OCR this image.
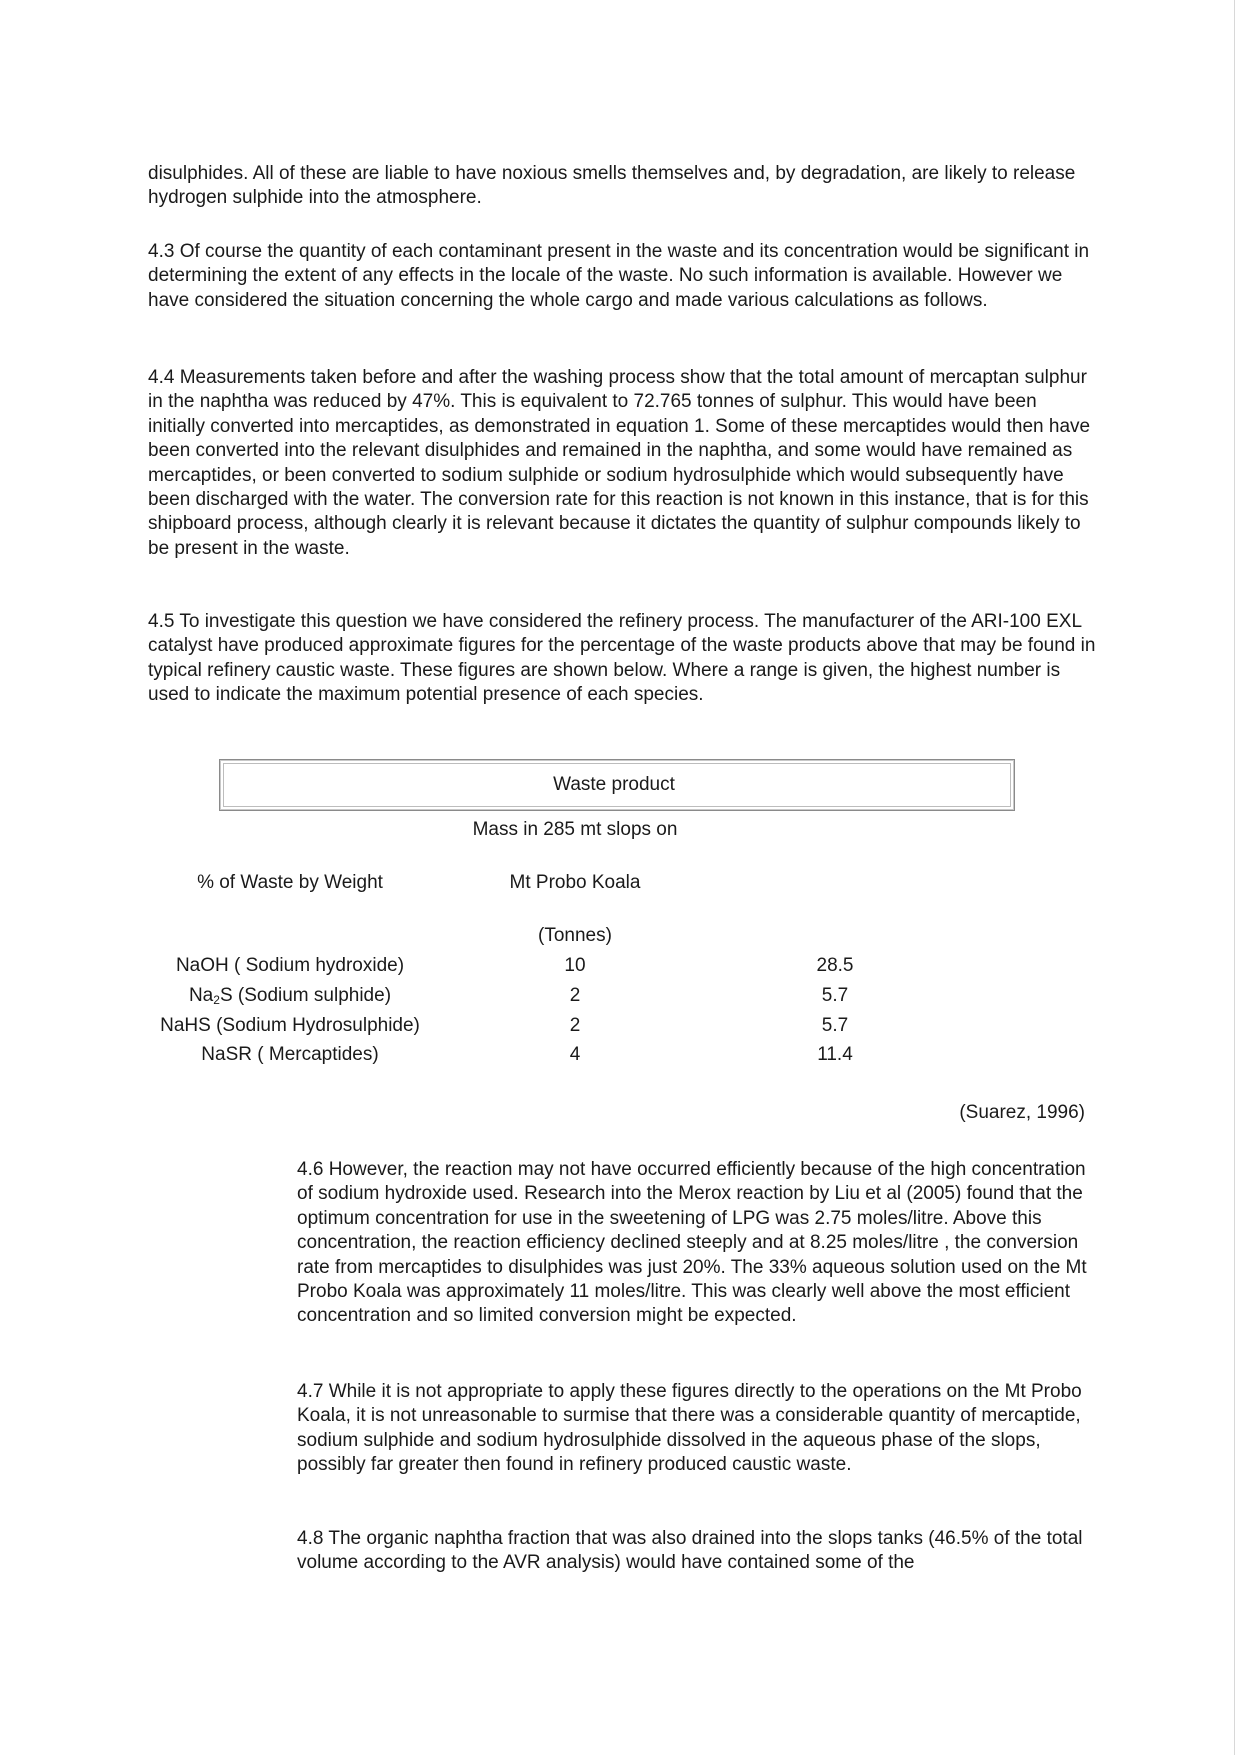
disulphides. All of these are liable to have noxious smells themselves and, by degradation, are likely to release hydrogen sulphide into the atmosphere.

4.3 Of course the quantity of each contaminant present in the waste and its concentration would be significant in determining the extent of any effects in the locale of the waste. No such information is available. However we have considered the situation concerning the whole cargo and made various calculations as follows.

4.4 Measurements taken before and after the washing process show that the total amount of mercaptan sulphur in the naphtha was reduced by 47%. This is equivalent to 72.765 tonnes of sulphur. This would have been initially converted into mercaptides, as demonstrated in equation 1. Some of these mercaptides would then have been converted into the relevant disulphides and remained in the naphtha, and some would have remained as mercaptides, or been converted to sodium sulphide or sodium hydrosulphide which would subsequently have been discharged with the water. The conversion rate for this reaction is not known in this instance, that is for this shipboard process, although clearly it is relevant because it dictates the quantity of sulphur compounds likely to be present in the waste.

4.5 To investigate this question we have considered the refinery process. The manufacturer of the ARI-100 EXL catalyst have produced approximate figures for the percentage of the waste products above that may be found in typical refinery caustic waste. These figures are shown below. Where a range is given, the highest number is used to indicate the maximum potential presence of each species.

Waste product
Mass in 285 mt slops on
% of Waste by Weight	Mt Probo Koala
(Tonnes)
NaOH ( Sodium hydroxide)	10	28.5
$Na_2S$ (Sodium sulphide)	2	5.7
NaHS (Sodium Hydrosulphide)	2	5.7
NaSR ( Mercaptides)	4	11.4
(Suarez, 1996)

4.6 However, the reaction may not have occurred efficiently because of the high concentration of sodium hydroxide used. Research into the Merox reaction by Liu et al (2005) found that the optimum concentration for use in the sweetening of LPG was 2.75 moles/litre. Above this concentration, the reaction efficiency declined steeply and at 8.25 moles/litre , the conversion rate from mercaptides to disulphides was just 20%. The 33% aqueous solution used on the Mt Probo Koala was approximately 11 moles/litre. This was clearly well above the most efficient concentration and so limited conversion might be expected.

4.7 While it is not appropriate to apply these figures directly to the operations on the Mt Probo Koala, it is not unreasonable to surmise that there was a considerable quantity of mercaptide, sodium sulphide and sodium hydrosulphide dissolved in the aqueous phase of the slops, possibly far greater then found in refinery produced caustic waste.

4.8 The organic naphtha fraction that was also drained into the slops tanks (46.5% of the total volume according to the AVR analysis) would have contained some of the
